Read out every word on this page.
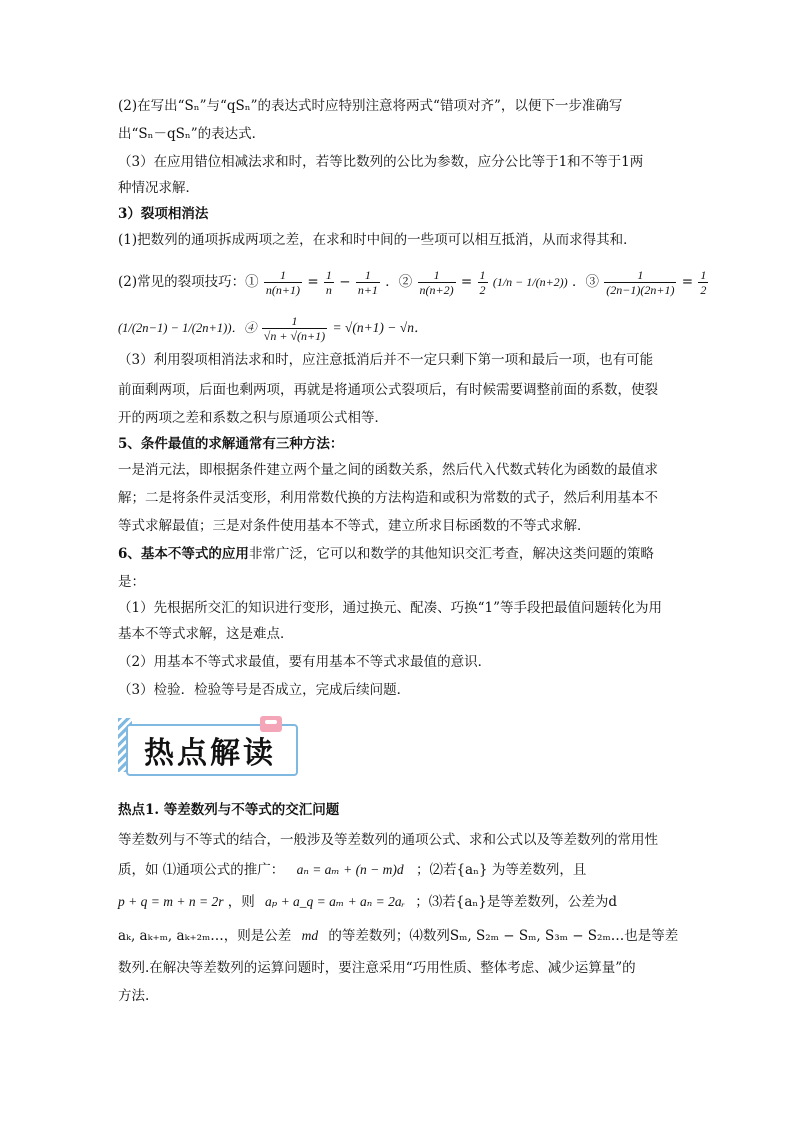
(2)在写出“Sₙ”与“qSₙ”的表达式时应特别注意将两式“错项对齐”，以便下一步准确写
出“Sₙ－qSₙ”的表达式．
（3）在应用错位相减法求和时，若等比数列的公比为参数，应分公比等于1和不等于1两
种情况求解．
3）裂项相消法
(1)把数列的通项拆成两项之差，在求和时中间的一些项可以相互抵消，从而求得其和．
(2)常见的裂项技巧：① $\frac{1}{n(n+1)} = \frac{1}{n} - \frac{1}{n+1}$ ．② $\frac{1}{n(n+2)} = \frac{1}{2} (1/n - 1/(n+2))$ ．③ $\frac{1}{(2n-1)(2n+1)} = \frac{1}{2}$
(1/(2n−1) − 1/(2n+1))．④ $\frac{1}{√n + √(n+1)} = √(n+1) - √n$．
（3）利用裂项相消法求和时，应注意抵消后并不一定只剩下第一项和最后一项，也有可能
前面剩两项，后面也剩两项，再就是将通项公式裂项后，有时候需要调整前面的系数，使裂
开的两项之差和系数之积与原通项公式相等．
5、条件最值的求解通常有三种方法：
一是消元法，即根据条件建立两个量之间的函数关系，然后代入代数式转化为函数的最值求
解；二是将条件灵活变形，利用常数代换的方法构造和或积为常数的式子，然后利用基本不
等式求解最值；三是对条件使用基本不等式，建立所求目标函数的不等式求解．
6、基本不等式的应用非常广泛，它可以和数学的其他知识交汇考查，解决这类问题的策略
是：
（1）先根据所交汇的知识进行变形，通过换元、配凑、巧换“1”等手段把最值问题转化为用
基本不等式求解，这是难点．
（2）用基本不等式求最值，要有用基本不等式求最值的意识．
（3）检验．检验等号是否成立，完成后续问题．
热点解读
热点1. 等差数列与不等式的交汇问题
等差数列与不等式的结合，一般涉及等差数列的通项公式、求和公式以及等差数列的常用性
质，如 ⑴通项公式的推广： aₙ = aₘ + (n − m)d ；⑵若{aₙ} 为等差数列，且
p + q = m + n = 2r ，则 aₚ + a_q = aₘ + aₙ = 2aᵣ ；⑶若{aₙ}是等差数列，公差为d
aₖ, aₖ₊ₘ, aₖ₊₂ₘ…，则是公差 md 的等差数列；⑷数列Sₘ, S₂ₘ − Sₘ, S₃ₘ − S₂ₘ…也是等差
数列.在解决等差数列的运算问题时，要注意采用“巧用性质、整体考虑、减少运算量”的
方法.
